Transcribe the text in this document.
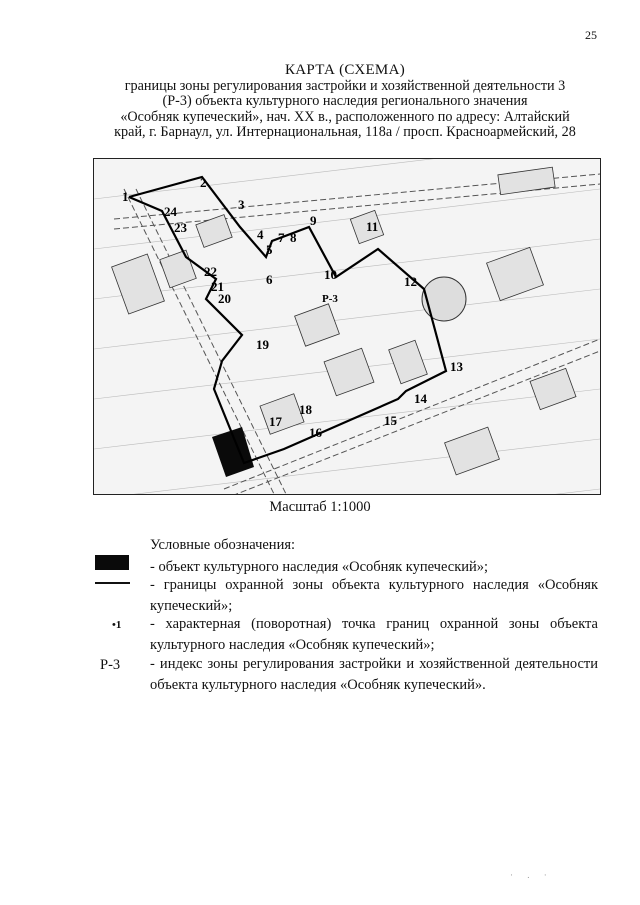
25
КАРТА (СХЕМА)
границы зоны регулирования застройки и хозяйственной деятельности 3
(Р-3) объекта культурного наследия регионального значения
«Особняк купеческий», нач. XX в., расположенного по адресу: Алтайский
край, г. Барнаул, ул. Интернациональная, 118а / просп. Красноармейский, 28
1
2
3
4
5
6
7 8
9
10
11
12
13
14
15
16
17
18
19
20
21
22
23
24
Р-3
Масштаб 1:1000
Условные обозначения:
- объект культурного наследия «Особняк купеческий»;
- границы охранной зоны объекта культурного наследия «Особняк купеческий»;
•1 - характерная (поворотная) точка границ охранной зоны объекта культурного наследия «Особняк купеческий»;
Р-3 - индекс зоны регулирования застройки и хозяйственной деятельности объекта культурного наследия «Особняк купеческий».
· . ·
